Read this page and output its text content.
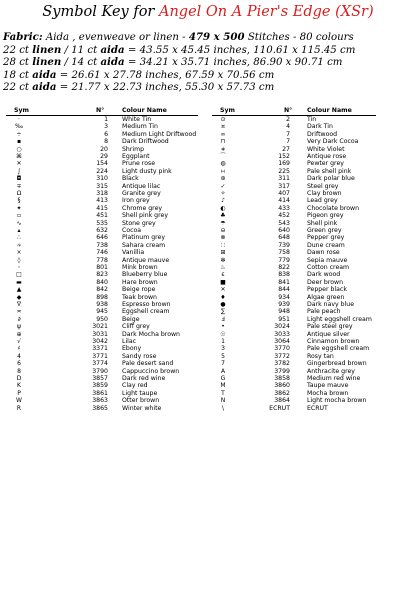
Symbol Key for Angel On A Pier's Edge (XSr)
Fabric: Aida , evenweave or linen - 479 x 500 Stitches - 80 colours
22 ct linen / 11 ct aida = 43.55 x 45.45 inches, 110.61 x 115.45 cm
28 ct linen / 14 ct aida = 34.21 x 35.71 inches, 86.90 x 90.71 cm
18 ct aida = 26.61 x 27.78 inches, 67.59 x 70.56 cm
22 ct aida = 21.77 x 22.73 inches, 55.30 x 57.73 cm
Sym	N°	Colour Name	Sym	N° Colour Name
·	1 White Tin
‰	3 Medium Tin
÷	6 Medium Light Driftwood
▪	8 Dark Driftwood
○	20 Shrimp
⌘	29 Eggplant
✕	154 Prune rose
∫	224 Light dusty pink
◘	310 Black
∓	315 Antique lilac
Ω	318 Granite grey
§	413 Iron grey
✦	415 Chrome grey
▫	451 Shell pink grey
∿	535 Stone grey
▴	632 Cocoa
∴	646 Platinum grey
∻	738 Sahara cream
×	746 Vanillia
◊	778 Antique mauve
◦	801 Mink brown
□	823 Blueberry blue
▬	840 Hare brown
▲	842 Beige rope
◆	898 Teak brown
∇	938 Espresso brown
≍	945 Eggshell cream
∂	950 Beige
ψ	3021 Cliff grey
⊕	3031 Dark Mocha brown
√	3042 Lilac
♯	3371 Ebony
4	3771 Sandy rose
6	3774 Pale desert sand
8	3790 Cappuccino brown
D	3857 Dark red wine
K	3859 Clay red
P	3861 Light taupe
W	3863 Otter brown
R	3865 Winter white
⊙	2	Tin
¤	4	Dark Tin
∞	7	Driftwood
⊓	7	Very Dark Cocoa
∗	27	White Violet
⌒	152	Antique rose
◍	169	Pewter grey
∺	225	Pale shell pink
⊛	311	Dark polar blue
✓	317	Steel grey
✧	407	Clay brown
♪	414	Lead grey
◐	433	Chocolate brown
♣	452	Pigeon grey
☂	543	Shell pink
⊖	640	Green grey
⊗	648	Pepper grey
∷	739	Dune cream
⊞	758	Dawn rose
✻	779	Sepia mauve
♨	822	Cotton cream
ε	838	Dark wood
■	841	Deer brown
✕	844	Pepper black
♦	934	Algae green
●	939	Dark navy blue
∑	948	Pale peach
Ⅎ	951	Light eggshell cream
•	3024	Pale steel grey
☉	3033	Antique silver
1	3064	Cinnamon brown
3	3770	Pale eggshell cream
5	3772	Rosy tan
7	3782	Gingerbread brown
A	3799	Anthracite grey
G	3858	Medium red wine
M	3860	Taupe mauve
T	3862	Mocha brown
N	3864	Light mocha brown
\	ECRUT	ECRUT
